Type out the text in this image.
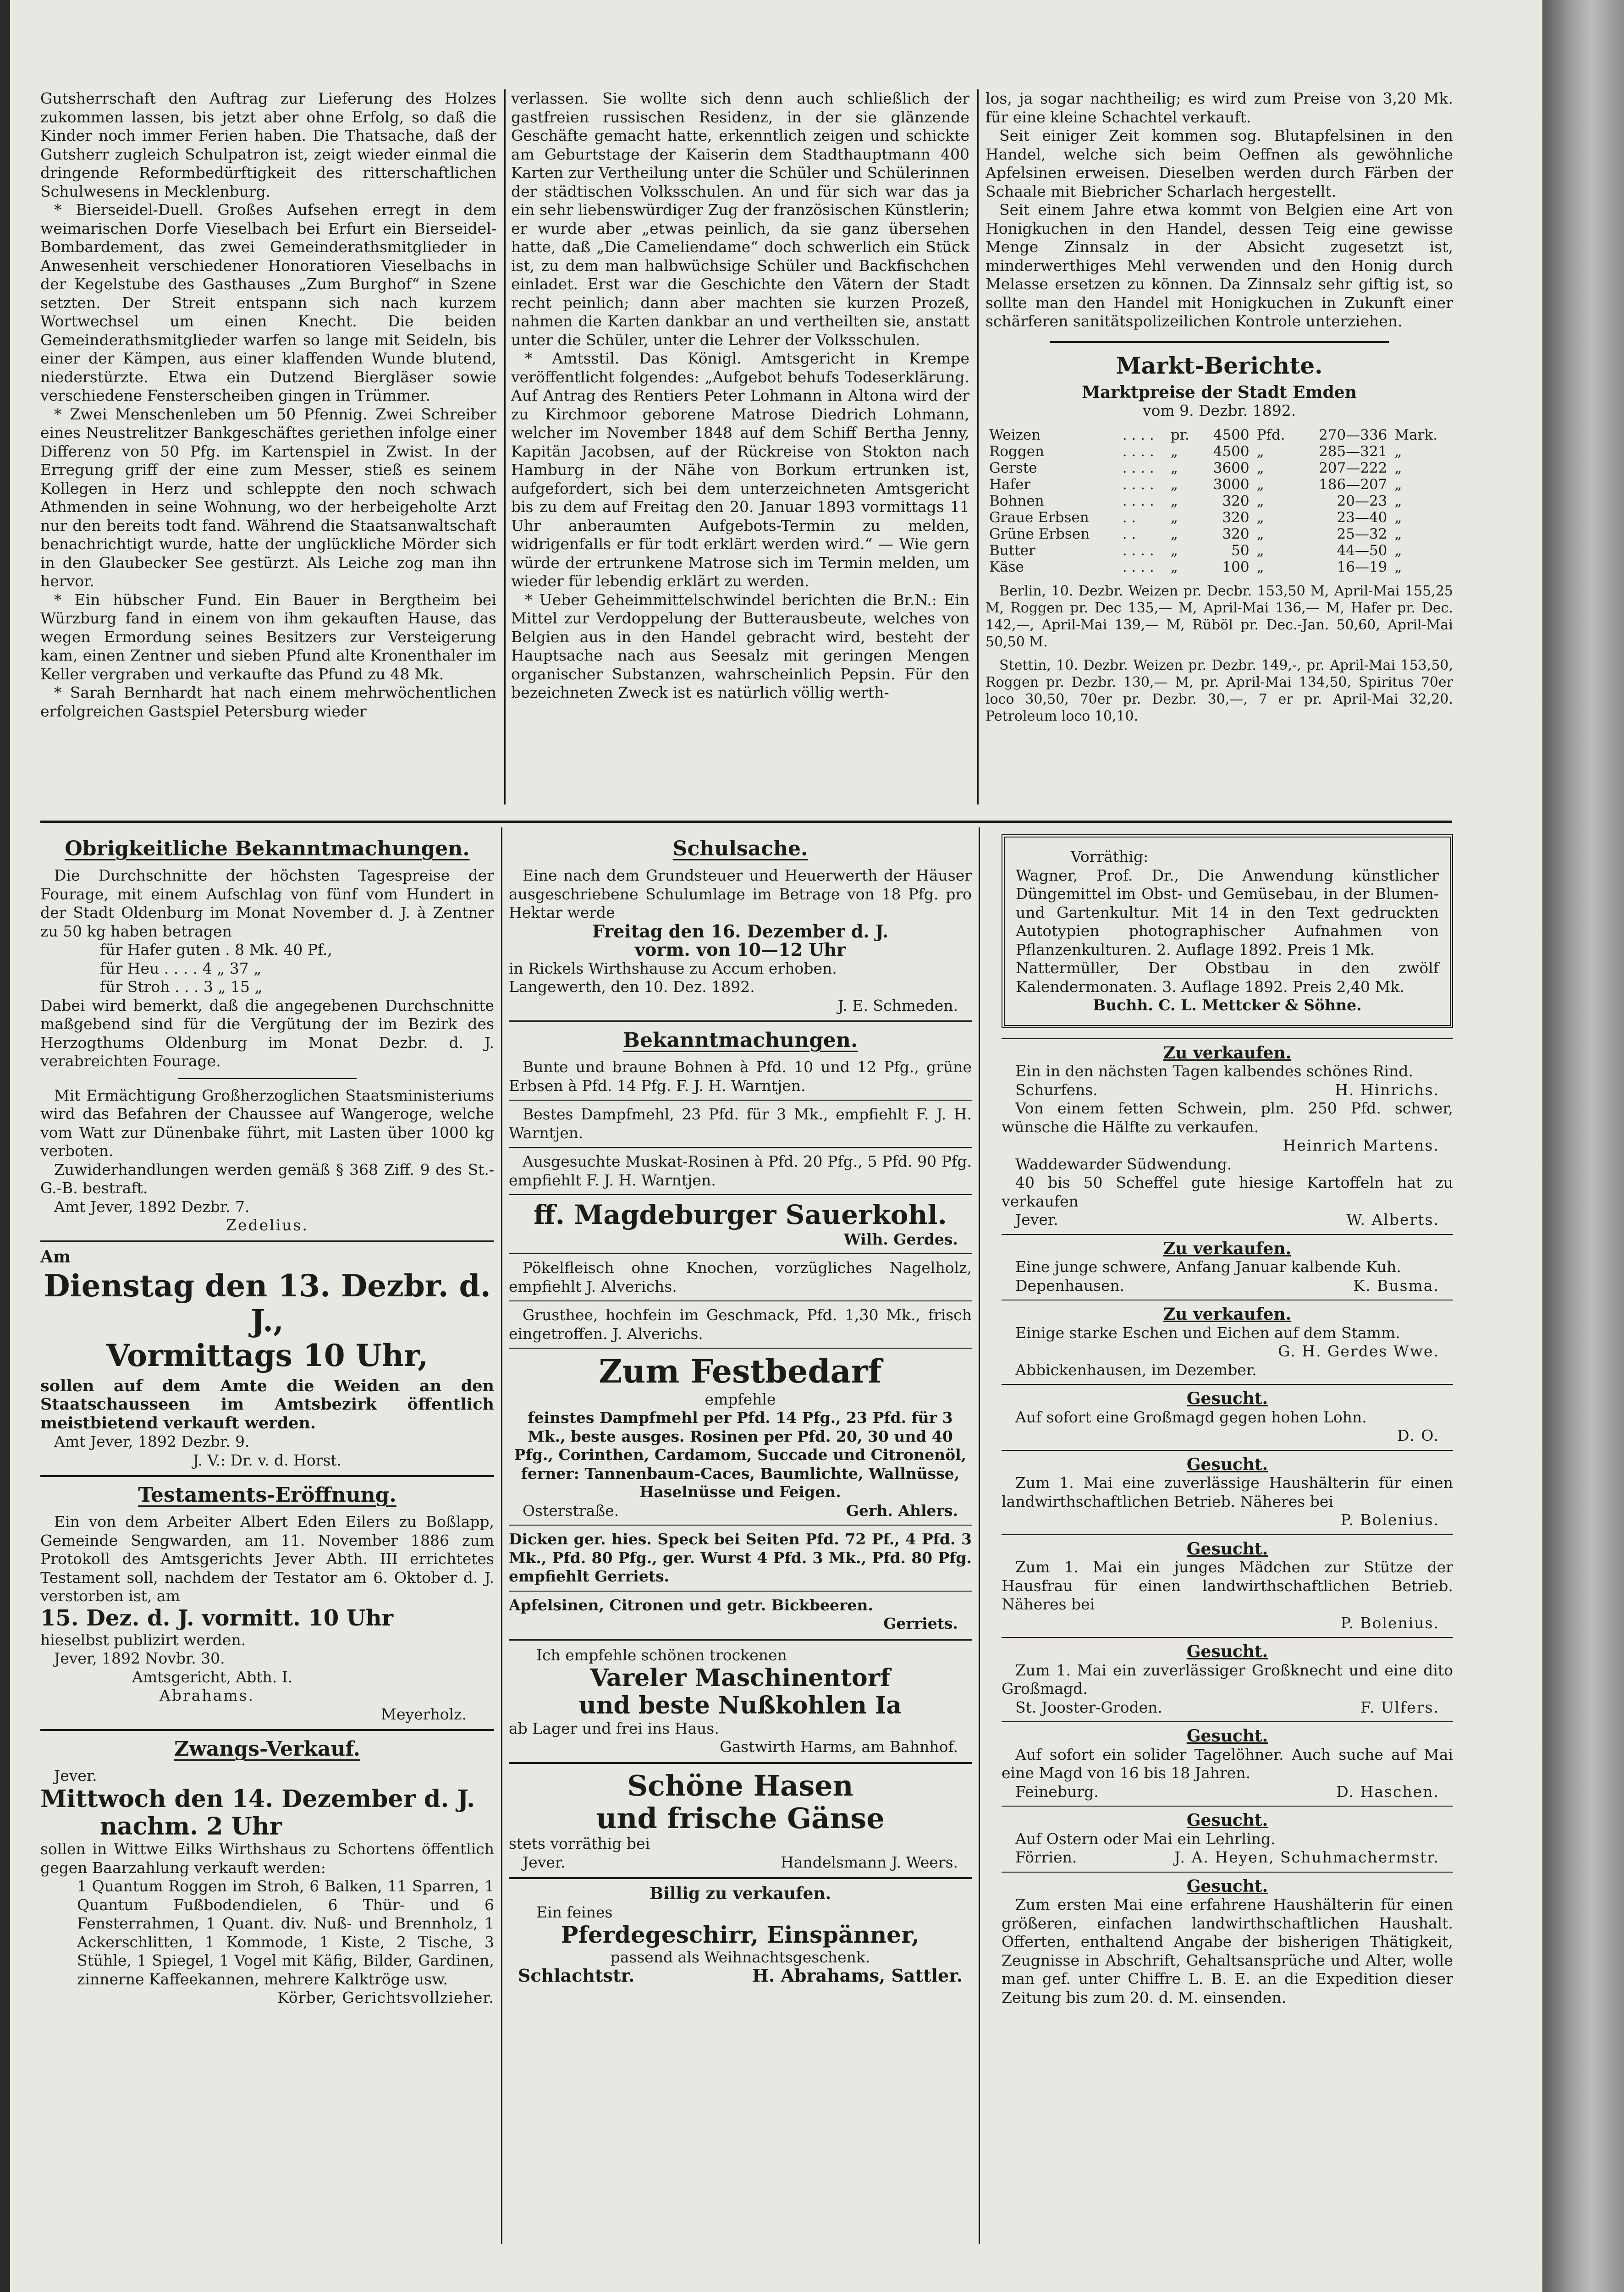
Gutsherrschaft den Auftrag zur Lieferung des Holzes zukommen lassen, bis jetzt aber ohne Erfolg, so daß die Kinder noch immer Ferien haben. Die Thatsache, daß der Gutsherr zugleich Schulpatron ist, zeigt wieder einmal die dringende Reformbedürftigkeit des ritterschaftlichen Schulwesens in Mecklenburg.

* Bierseidel-Duell. Großes Aufsehen erregt in dem weimarischen Dorfe Vieselbach bei Erfurt ein Bierseidel-Bombardement, das zwei Gemeinderathsmitglieder in Anwesenheit verschiedener Honoratioren Vieselbachs in der Kegelstube des Gasthauses „Zum Burghof“ in Szene setzten. Der Streit entspann sich nach kurzem Wortwechsel um einen Knecht. Die beiden Gemeinderathsmitglieder warfen so lange mit Seideln, bis einer der Kämpen, aus einer klaffenden Wunde blutend, niederstürzte. Etwa ein Dutzend Biergläser sowie verschiedene Fensterscheiben gingen in Trümmer.

* Zwei Menschenleben um 50 Pfennig. Zwei Schreiber eines Neustrelitzer Bankgeschäftes geriethen infolge einer Differenz von 50 Pfg. im Kartenspiel in Zwist. In der Erregung griff der eine zum Messer, stieß es seinem Kollegen in Herz und schleppte den noch schwach Athmenden in seine Wohnung, wo der herbeigeholte Arzt nur den bereits todt fand. Während die Staatsanwaltschaft benachrichtigt wurde, hatte der unglückliche Mörder sich in den Glaubecker See gestürzt. Als Leiche zog man ihn hervor.

* Ein hübscher Fund. Ein Bauer in Bergtheim bei Würzburg fand in einem von ihm gekauften Hause, das wegen Ermordung seines Besitzers zur Versteigerung kam, einen Zentner und sieben Pfund alte Kronenthaler im Keller vergraben und verkaufte das Pfund zu 48 Mk.

* Sarah Bernhardt hat nach einem mehrwöchentlichen erfolgreichen Gastspiel Petersburg wieder

verlassen. Sie wollte sich denn auch schließlich der gastfreien russischen Residenz, in der sie glänzende Geschäfte gemacht hatte, erkenntlich zeigen und schickte am Geburtstage der Kaiserin dem Stadthauptmann 400 Karten zur Vertheilung unter die Schüler und Schülerinnen der städtischen Volksschulen. An und für sich war das ja ein sehr liebenswürdiger Zug der französischen Künstlerin; er wurde aber „etwas peinlich, da sie ganz übersehen hatte, daß „Die Cameliendame“ doch schwerlich ein Stück ist, zu dem man halbwüchsige Schüler und Backfischchen einladet. Erst war die Geschichte den Vätern der Stadt recht peinlich; dann aber machten sie kurzen Prozeß, nahmen die Karten dankbar an und vertheilten sie, anstatt unter die Schüler, unter die Lehrer der Volksschulen.

* Amtsstil. Das Königl. Amtsgericht in Krempe veröffentlicht folgendes: „Aufgebot behufs Todeserklärung. Auf Antrag des Rentiers Peter Lohmann in Altona wird der zu Kirchmoor geborene Matrose Diedrich Lohmann, welcher im November 1848 auf dem Schiff Bertha Jenny, Kapitän Jacobsen, auf der Rückreise von Stokton nach Hamburg in der Nähe von Borkum ertrunken ist, aufgefordert, sich bei dem unterzeichneten Amtsgericht bis zu dem auf Freitag den 20. Januar 1893 vormittags 11 Uhr anberaumten Aufgebots-Termin zu melden, widrigenfalls er für todt erklärt werden wird.“ — Wie gern würde der ertrunkene Matrose sich im Termin melden, um wieder für lebendig erklärt zu werden.

* Ueber Geheimmittelschwindel berichten die Br.N.: Ein Mittel zur Verdoppelung der Butterausbeute, welches von Belgien aus in den Handel gebracht wird, besteht der Hauptsache nach aus Seesalz mit geringen Mengen organischer Substanzen, wahrscheinlich Pepsin. Für den bezeichneten Zweck ist es natürlich völlig werth-

los, ja sogar nachtheilig; es wird zum Preise von 3,20 Mk. für eine kleine Schachtel verkauft.

Seit einiger Zeit kommen sog. Blutapfelsinen in den Handel, welche sich beim Oeffnen als gewöhnliche Apfelsinen erweisen. Dieselben werden durch Färben der Schaale mit Biebricher Scharlach hergestellt.

Seit einem Jahre etwa kommt von Belgien eine Art von Honigkuchen in den Handel, dessen Teig eine gewisse Menge Zinnsalz in der Absicht zugesetzt ist, minderwerthiges Mehl verwenden und den Honig durch Melasse ersetzen zu können. Da Zinnsalz sehr giftig ist, so sollte man den Handel mit Honigkuchen in Zukunft einer schärferen sanitätspolizeilichen Kontrole unterziehen.

Markt-Berichte.

Marktpreise der Stadt Emden

vom 9. Dezbr. 1892.

Weizen	. . . .	pr.	4500	Pfd.	270—336	Mark.
Roggen	. . . .	„	4500	„	285—321	„
Gerste	. . . .	„	3600	„	207—222	„
Hafer	. . . .	„	3000	„	186—207	„
Bohnen	. . . .	„	320	„	20—23	„
Graue Erbsen	. .	„	320	„	23—40	„
Grüne Erbsen	. .	„	320	„	25—32	„
Butter	. . . .	„	50	„	44—50	„
Käse	. . . .	„	100	„	16—19	„

Berlin, 10. Dezbr. Weizen pr. Decbr. 153,50 M, April-Mai 155,25 M, Roggen pr. Dec 135,— M, April-Mai 136,— M, Hafer pr. Dec. 142,—, April-Mai 139,— M, Rüböl pr. Dec.-Jan. 50,60, April-Mai 50,50 M.

Stettin, 10. Dezbr. Weizen pr. Dezbr. 149,-, pr. April-Mai 153,50, Roggen pr. Dezbr. 130,— M, pr. April-Mai 134,50, Spiritus 70er loco 30,50, 70er pr. Dezbr. 30,—, 7 er pr. April-Mai 32,20. Petroleum loco 10,10.

Obrigkeitliche Bekanntmachungen.

Die Durchschnitte der höchsten Tagespreise der Fourage, mit einem Aufschlag von fünf vom Hundert in der Stadt Oldenburg im Monat November d. J. à Zentner zu 50 kg haben betragen

für Hafer guten . 8 Mk. 40 Pf.,

für Heu . . . . 4 „ 37 „

für Stroh . . . 3 „ 15 „

Dabei wird bemerkt, daß die angegebenen Durchschnitte maßgebend sind für die Vergütung der im Bezirk des Herzogthums Oldenburg im Monat Dezbr. d. J. verabreichten Fourage.

Mit Ermächtigung Großherzoglichen Staatsministeriums wird das Befahren der Chaussee auf Wangeroge, welche vom Watt zur Dünenbake führt, mit Lasten über 1000 kg verboten.

Zuwiderhandlungen werden gemäß § 368 Ziff. 9 des St.-G.-B. bestraft.

Amt Jever, 1892 Dezbr. 7.

Zedelius.

Am

Dienstag den 13. Dezbr. d. J.,

Vormittags 10 Uhr,

sollen auf dem Amte die Weiden an den Staatschausseen im Amtsbezirk öffentlich meistbietend verkauft werden.

Amt Jever, 1892 Dezbr. 9.

J. V.: Dr. v. d. Horst.

Testaments-Eröffnung.

Ein von dem Arbeiter Albert Eden Eilers zu Boßlapp, Gemeinde Sengwarden, am 11. November 1886 zum Protokoll des Amtsgerichts Jever Abth. III errichtetes Testament soll, nachdem der Testator am 6. Oktober d. J. verstorben ist, am

15. Dez. d. J. vormitt. 10 Uhr

hieselbst publizirt werden.

Jever, 1892 Novbr. 30.

Amtsgericht, Abth. I.

Abrahams.

Meyerholz.

Zwangs-Verkauf.

Jever.

Mittwoch den 14. Dezember d. J.

nachm. 2 Uhr

sollen in Wittwe Eilks Wirthshaus zu Schortens öffentlich gegen Baarzahlung verkauft werden:

1 Quantum Roggen im Stroh, 6 Balken, 11 Sparren, 1 Quantum Fußbodendielen, 6 Thür- und 6 Fensterrahmen, 1 Quant. div. Nuß- und Brennholz, 1 Ackerschlitten, 1 Kommode, 1 Kiste, 2 Tische, 3 Stühle, 1 Spiegel, 1 Vogel mit Käfig, Bilder, Gardinen, zinnerne Kaffeekannen, mehrere Kalktröge usw.

Körber, Gerichtsvollzieher.

Schulsache.

Eine nach dem Grundsteuer und Heuerwerth der Häuser ausgeschriebene Schulumlage im Betrage von 18 Pfg. pro Hektar werde

Freitag den 16. Dezember d. J.

vorm. von 10—12 Uhr

in Rickels Wirthshause zu Accum erhoben.

Langewerth, den 10. Dez. 1892.

J. E. Schmeden.

Bekanntmachungen.

Bunte und braune Bohnen à Pfd. 10 und 12 Pfg., grüne Erbsen à Pfd. 14 Pfg. F. J. H. Warntjen.

Bestes Dampfmehl, 23 Pfd. für 3 Mk., empfiehlt F. J. H. Warntjen.

Ausgesuchte Muskat-Rosinen à Pfd. 20 Pfg., 5 Pfd. 90 Pfg. empfiehlt F. J. H. Warntjen.

ff. Magdeburger Sauerkohl.

Wilh. Gerdes.

Pökelfleisch ohne Knochen, vorzügliches Nagelholz, empfiehlt J. Alverichs.

Grusthee, hochfein im Geschmack, Pfd. 1,30 Mk., frisch eingetroffen. J. Alverichs.

Zum Festbedarf

empfehle

feinstes Dampfmehl per Pfd. 14 Pfg., 23 Pfd. für 3 Mk., beste ausges. Rosinen per Pfd. 20, 30 und 40 Pfg., Corinthen, Cardamom, Succade und Citronenöl,

ferner: Tannenbaum-Caces, Baumlichte, Wallnüsse, Haselnüsse und Feigen.

Osterstraße.	Gerh. Ahlers.

Dicken ger. hies. Speck bei Seiten Pfd. 72 Pf., 4 Pfd. 3 Mk., Pfd. 80 Pfg., ger. Wurst 4 Pfd. 3 Mk., Pfd. 80 Pfg. empfiehlt Gerriets.

Apfelsinen, Citronen und getr. Bickbeeren.

Gerriets.

Ich empfehle schönen trockenen

Vareler Maschinentorf

und beste Nußkohlen Ia

ab Lager und frei ins Haus.

Gastwirth Harms, am Bahnhof.

Schöne Hasen

und frische Gänse

stets vorräthig bei

Jever.	Handelsmann J. Weers.

Billig zu verkaufen.

Ein feines

Pferdegeschirr, Einspänner,

passend als Weihnachtsgeschenk.

Schlachtstr.	H. Abrahams, Sattler.

Vorräthig:

Wagner, Prof. Dr., Die Anwendung künstlicher Düngemittel im Obst- und Gemüsebau, in der Blumen- und Gartenkultur. Mit 14 in den Text gedruckten Autotypien photographischer Aufnahmen von Pflanzenkulturen. 2. Auflage 1892. Preis 1 Mk.

Nattermüller, Der Obstbau in den zwölf Kalendermonaten. 3. Auflage 1892. Preis 2,40 Mk.

Buchh. C. L. Mettcker & Söhne.

Zu verkaufen.

Ein in den nächsten Tagen kalbendes schönes Rind.

Schurfens.	H. Hinrichs.

Von einem fetten Schwein, plm. 250 Pfd. schwer, wünsche die Hälfte zu verkaufen.

Heinrich Martens.

Waddewarder Südwendung.

40 bis 50 Scheffel gute hiesige Kartoffeln hat zu verkaufen

Jever.	W. Alberts.

Zu verkaufen.

Eine junge schwere, Anfang Januar kalbende Kuh.

Depenhausen.	K. Busma.

Zu verkaufen.

Einige starke Eschen und Eichen auf dem Stamm.

G. H. Gerdes Wwe.

Abbickenhausen, im Dezember.

Gesucht.

Auf sofort eine Großmagd gegen hohen Lohn.

D. O.

Gesucht.

Zum 1. Mai eine zuverlässige Haushälterin für einen landwirthschaftlichen Betrieb. Näheres bei

P. Bolenius.

Gesucht.

Zum 1. Mai ein junges Mädchen zur Stütze der Hausfrau für einen landwirthschaftlichen Betrieb. Näheres bei

P. Bolenius.

Gesucht.

Zum 1. Mai ein zuverlässiger Großknecht und eine dito Großmagd.

St. Jooster-Groden.	F. Ulfers.

Gesucht.

Auf sofort ein solider Tagelöhner. Auch suche auf Mai eine Magd von 16 bis 18 Jahren.

Feineburg.	D. Haschen.

Gesucht.

Auf Ostern oder Mai ein Lehrling.

Förrien.	J. A. Heyen, Schuhmachermstr.

Gesucht.

Zum ersten Mai eine erfahrene Haushälterin für einen größeren, einfachen landwirthschaftlichen Haushalt. Offerten, enthaltend Angabe der bisherigen Thätigkeit, Zeugnisse in Abschrift, Gehaltsansprüche und Alter, wolle man gef. unter Chiffre L. B. E. an die Expedition dieser Zeitung bis zum 20. d. M. einsenden.
